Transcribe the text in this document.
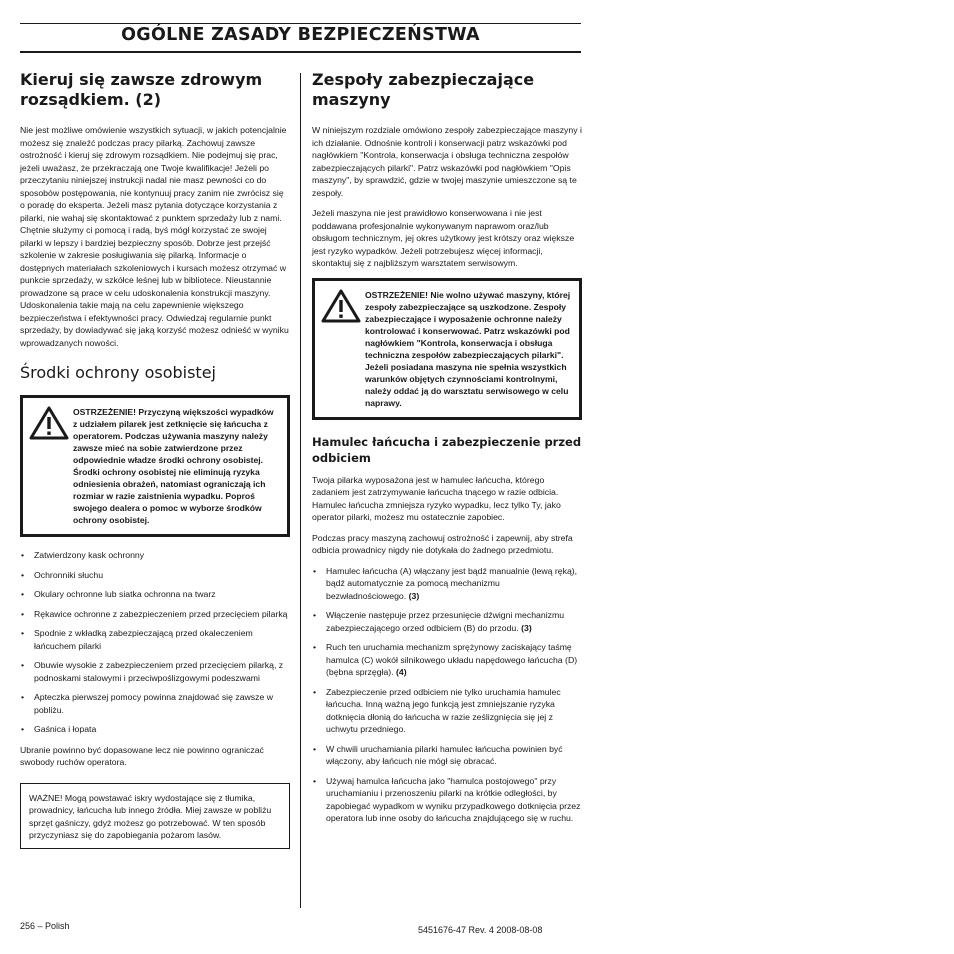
OGÓLNE ZASADY BEZPIECZEŃSTWA
Kieruj się zawsze zdrowym rozsądkiem. (2)

Nie jest możliwe omówienie wszystkich sytuacji, w jakich potencjalnie możesz się znaleźć podczas pracy pilarką. Zachowuj zawsze ostrożność i kieruj się zdrowym rozsądkiem. Nie podejmuj się prac, jeżeli uważasz, że przekraczają one Twoje kwalifikacje! Jeżeli po przeczytaniu niniejszej instrukcji nadal nie masz pewności co do sposobów postępowania, nie kontynuuj pracy zanim nie zwrócisz się o poradę do eksperta. Jeżeli masz pytania dotyczące korzystania z pilarki, nie wahaj się skontaktować z punktem sprzedaży lub z nami. Chętnie służymy ci pomocą i radą, byś mógł korzystać ze swojej pilarki w lepszy i bardziej bezpieczny sposób. Dobrze jest przejść szkolenie w zakresie posługiwania się pilarką. Informacje o dostępnych materiałach szkoleniowych i kursach możesz otrzymać w punkcie sprzedaży, w szkółce leśnej lub w bibliotece. Nieustannie prowadzone są prace w celu udoskonalenia konstrukcji maszyny. Udoskonalenia takie mają na celu zapewnienie większego bezpieczeństwa i efektywności pracy. Odwiedzaj regularnie punkt sprzedaży, by dowiadywać się jaką korzyść możesz odnieść w wyniku wprowadzanych nowości.

Środki ochrony osobistej
OSTRZEŻENIE! Przyczyną większości wypadków z udziałem pilarek jest zetknięcie się łańcucha z operatorem. Podczas używania maszyny należy zawsze mieć na sobie zatwierdzone przez odpowiednie władze środki ochrony osobistej. Środki ochrony osobistej nie eliminują ryzyka odniesienia obrażeń, natomiast ograniczają ich rozmiar w razie zaistnienia wypadku. Poproś swojego dealera o pomoc w wyborze środków ochrony osobistej.
• Zatwierdzony kask ochronny
• Ochronniki słuchu
• Okulary ochronne lub siatka ochronna na twarz
• Rękawice ochronne z zabezpieczeniem przed przecięciem pilarką
• Spodnie z wkładką zabezpieczającą przed okaleczeniem łańcuchem pilarki
• Obuwie wysokie z zabezpieczeniem przed przecięciem pilarką, z podnoskami stalowymi i przeciwpoślizgowymi podeszwami
• Apteczka pierwszej pomocy powinna znajdować się zawsze w pobliżu.
• Gaśnica i łopata

Ubranie powinno być dopasowane lecz nie powinno ograniczać swobody ruchów operatora.

WAŻNE! Mogą powstawać iskry wydostające się z tłumika, prowadnicy, łańcucha lub innego źródła. Miej zawsze w pobliżu sprzęt gaśniczy, gdyż możesz go potrzebować. W ten sposób przyczyniasz się do zapobiegania pożarom lasów.
Zespoły zabezpieczające maszyny

W niniejszym rozdziale omówiono zespoły zabezpieczające maszyny i ich działanie. Odnośnie kontroli i konserwacji patrz wskazówki pod nagłówkiem "Kontrola, konserwacja i obsługa techniczna zespołów zabezpieczających pilarki". Patrz wskazówki pod nagłówkiem "Opis maszyny", by sprawdzić, gdzie w twojej maszynie umieszczone są te zespoły.

Jeżeli maszyna nie jest prawidłowo konserwowana i nie jest poddawana profesjonalnie wykonywanym naprawom oraz/lub obsługom technicznym, jej okres użytkowy jest krótszy oraz większe jest ryzyko wypadków. Jeżeli potrzebujesz więcej informacji, skontaktuj się z najbliższym warsztatem serwisowym.

OSTRZEŻENIE! Nie wolno używać maszyny, której zespoły zabezpieczające są uszkodzone. Zespoły zabezpieczające i wyposażenie ochronne należy kontrolować i konserwować. Patrz wskazówki pod nagłówkiem "Kontrola, konserwacja i obsługa techniczna zespołów zabezpieczających pilarki". Jeżeli posiadana maszyna nie spełnia wszystkich warunków objętych czynnościami kontrolnymi, należy oddać ją do warsztatu serwisowego w celu naprawy.
Hamulec łańcucha i zabezpieczenie przed odbiciem

Twoja pilarka wyposażona jest w hamulec łańcucha, którego zadaniem jest zatrzymywanie łańcucha tnącego w razie odbicia. Hamulec łańcucha zmniejsza ryzyko wypadku, lecz tylko Ty, jako operator pilarki, możesz mu ostatecznie zapobiec.

Podczas pracy maszyną zachowuj ostrożność i zapewnij, aby strefa odbicia prowadnicy nigdy nie dotykała do żadnego przedmiotu.

• Hamulec łańcucha (A) włączany jest bądź manualnie (lewą ręką), bądź automatycznie za pomocą mechanizmu bezwładnościowego. (3)
• Włączenie następuje przez przesunięcie dźwigni mechanizmu zabezpieczającego orzed odbiciem (B) do przodu. (3)
• Ruch ten uruchamia mechanizm sprężynowy zaciskający taśmę hamulca (C) wokół silnikowego układu napędowego łańcucha (D) (bębna sprzęgła). (4)
• Zabezpieczenie przed odbiciem nie tylko uruchamia hamulec łańcucha. Inną ważną jego funkcją jest zmniejszanie ryzyka dotknięcia dłonią do łańcucha w razie ześlizgnięcia się jej z uchwytu przedniego.
• W chwili uruchamiania pilarki hamulec łańcucha powinien być włączony, aby łańcuch nie mógł się obracać.
• Używaj hamulca łańcucha jako "hamulca postojowego" przy uruchamianiu i przenoszeniu pilarki na krótkie odległości, by zapobiegać wypadkom w wyniku przypadkowego dotknięcia przez operatora lub inne osoby do łańcucha znajdującego się w ruchu.
256 – Polish	5451676-47 Rev. 4 2008-08-08
